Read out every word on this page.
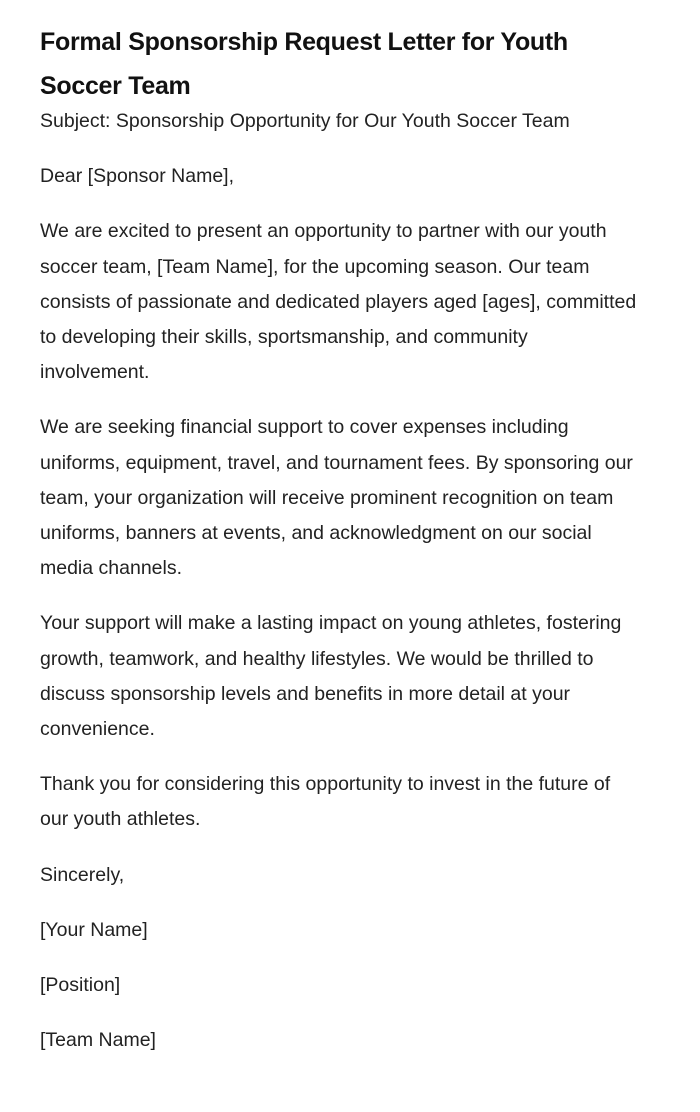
Formal Sponsorship Request Letter for Youth Soccer Team

Subject: Sponsorship Opportunity for Our Youth Soccer Team

Dear [Sponsor Name],

We are excited to present an opportunity to partner with our youth soccer team, [Team Name], for the upcoming season. Our team consists of passionate and dedicated players aged [ages], committed to developing their skills, sportsmanship, and community involvement.

We are seeking financial support to cover expenses including uniforms, equipment, travel, and tournament fees. By sponsoring our team, your organization will receive prominent recognition on team uniforms, banners at events, and acknowledgment on our social media channels.

Your support will make a lasting impact on young athletes, fostering growth, teamwork, and healthy lifestyles. We would be thrilled to discuss sponsorship levels and benefits in more detail at your convenience.

Thank you for considering this opportunity to invest in the future of our youth athletes.

Sincerely,

[Your Name]

[Position]

[Team Name]
